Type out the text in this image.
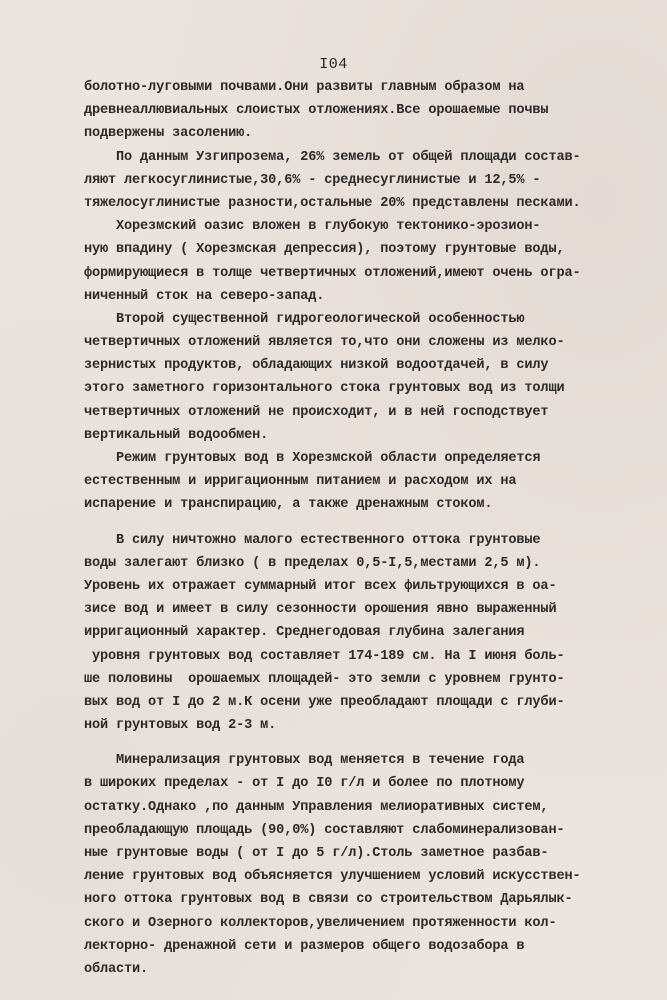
I04
болотно-луговыми почвами.Они развиты главным образом на
древнеаллювиальных слоистых отложениях.Все орошаемые почвы
подвержены засолению.
По данным Узгипрозема, 26% земель от общей площади состав-
ляют легкосуглинистые,30,6% - среднесуглинистые и 12,5% -
тяжелосуглинистые разности,остальные 20% представлены песками.
Хорезмский оазис вложен в глубокую тектонико-эрозион-
ную впадину ( Хорезмская депрессия), поэтому грунтовые воды,
формирующиеся в толще четвертичных отложений,имеют очень огра-
ниченный сток на северо-запад.
Второй существенной гидрогеологической особенностью
четвертичных отложений является то,что они сложены из мелко-
зернистых продуктов, обладающих низкой водоотдачей, в силу
этого заметного горизонтального стока грунтовых вод из толщи
четвертичных отложений не происходит, и в ней господствует
вертикальный водообмен.
Режим грунтовых вод в Хорезмской области определяется
естественным и ирригационным питанием и расходом их на
испарение и транспирацию, а также дренажным стоком.
В силу ничтожно малого естественного оттока грунтовые
воды залегают близко ( в пределах 0,5-I,5,местами 2,5 м).
Уровень их отражает суммарный итог всех фильтрующихся в оа-
зисе вод и имеет в силу сезонности орошения явно выраженный
ирригационный характер. Среднегодовая глубина залегания
уровня грунтовых вод составляет 174-189 см. На I июня боль-
ше половины  орошаемых площадей- это земли с уровнем грунто-
вых вод от I до 2 м.К осени уже преобладают площади с глуби-
ной грунтовых вод 2-3 м.
Минерализация грунтовых вод меняется в течение года
в широких пределах - от I до I0 г/л и более по плотному
остатку.Однако ,по данным Управления мелиоративных систем,
преобладающую площадь (90,0%) составляют слабоминерализован-
ные грунтовые воды ( от I до 5 г/л).Столь заметное разбав-
ление грунтовых вод объясняется улучшением условий искусствен-
ного оттока грунтовых вод в связи со строительством Дарьялык-
ского и Озерного коллекторов,увеличением протяженности кол-
лекторно- дренажной сети и размеров общего водозабора в
области.
